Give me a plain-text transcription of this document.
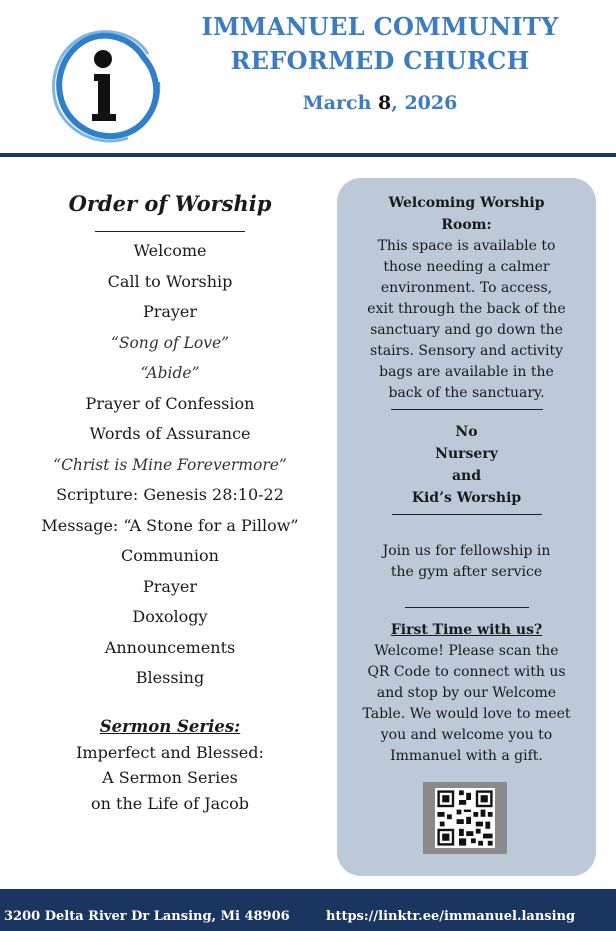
IMMANUEL COMMUNITY
REFORMED CHURCH
March 8, 2026
Order of Worship
Welcome
Call to Worship
Prayer
“Song of Love”
“Abide”
Prayer of Confession
Words of Assurance
“Christ is Mine Forevermore”
Scripture: Genesis 28:10-22
Message: “A Stone for a Pillow”
Communion
Prayer
Doxology
Announcements
Blessing
Sermon Series:
Imperfect and Blessed:
A Sermon Series
on the Life of Jacob
Welcoming Worship
Room:
This space is available to
those needing a calmer
environment. To access,
exit through the back of the
sanctuary and go down the
stairs. Sensory and activity
bags are available in the
back of the sanctuary.
No
Nursery
and
Kid’s Worship
Join us for fellowship in
the gym after service
First Time with us?
Welcome! Please scan the
QR Code to connect with us
and stop by our Welcome
Table. We would love to meet
you and welcome you to
Immanuel with a gift.
3200 Delta River Dr Lansing, Mi 48906	https://linktr.ee/immanuel.lansing
